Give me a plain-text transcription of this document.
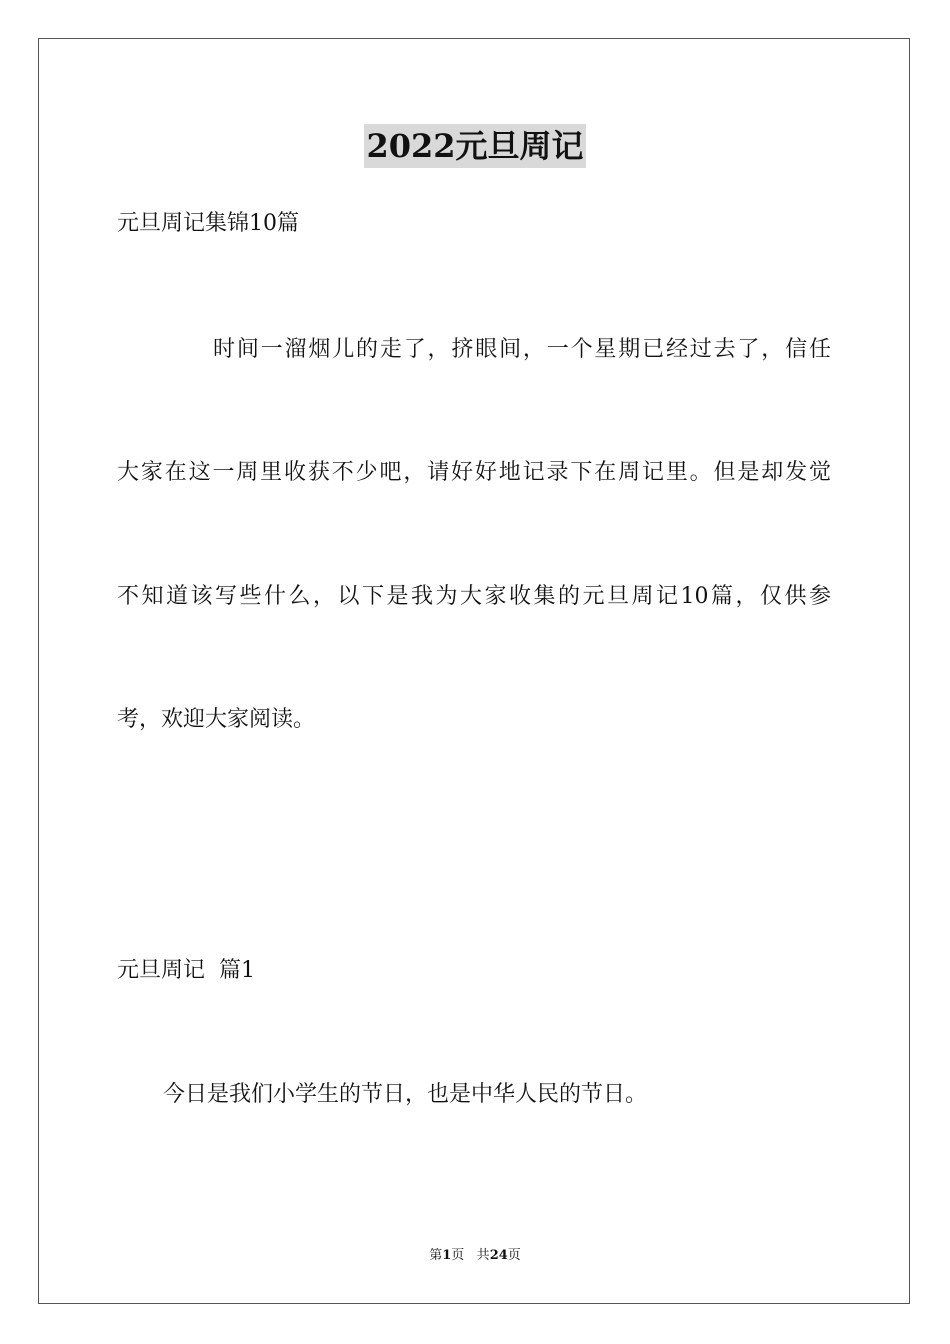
2022元旦周记
元旦周记集锦10篇
时间一溜烟儿的走了，挤眼间，一个星期已经过去了，信任
大家在这一周里收获不少吧，请好好地记录下在周记里。但是却发觉
不知道该写些什么，以下是我为大家收集的元旦周记10篇，仅供参
考，欢迎大家阅读。
元旦周记  篇1
今日是我们小学生的节日，也是中华人民的节日。
第1页 共24页
